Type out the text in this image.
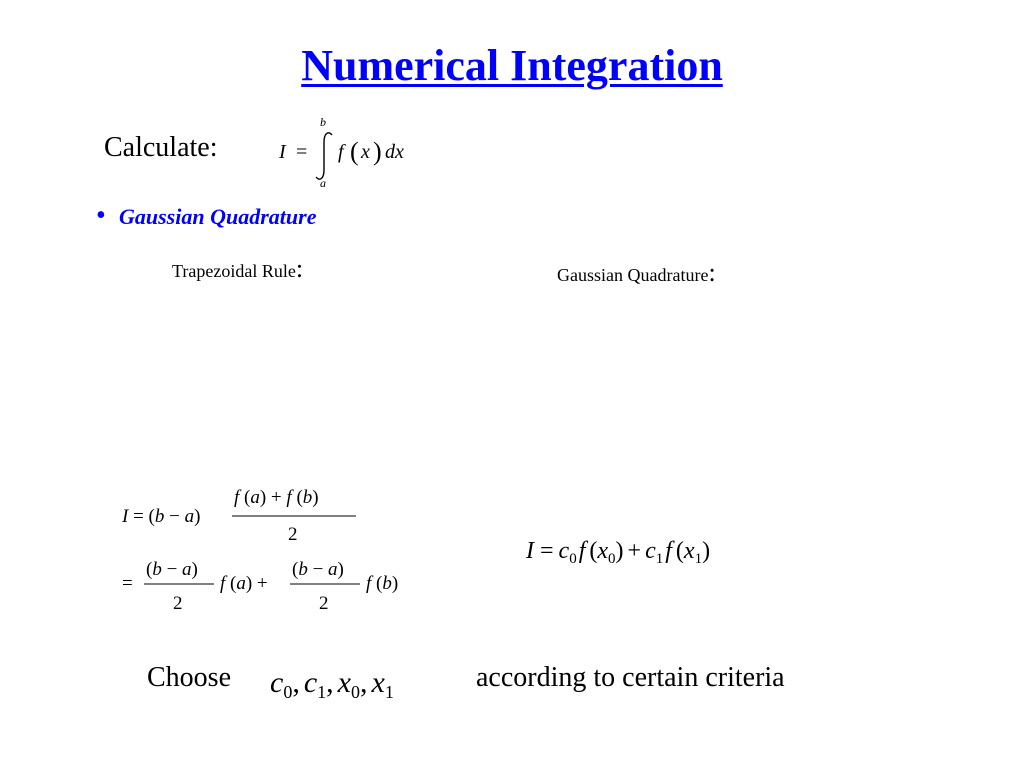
Numerical Integration
Calculate:
• Gaussian Quadrature
Trapezoidal Rule:	Gaussian Quadrature:
Choose	according to certain criteria
I =
b
a
f ( x ) dx
I = (b − a)
f (a) + f (b)
2
=
(b − a)
2
f (a) +
(b − a)
2
f (b)
$I = c_0f$ $(x_0) + c_1f$ $(x_1)$
$c_0$, $c_1$, $x_0$, $x_1$
